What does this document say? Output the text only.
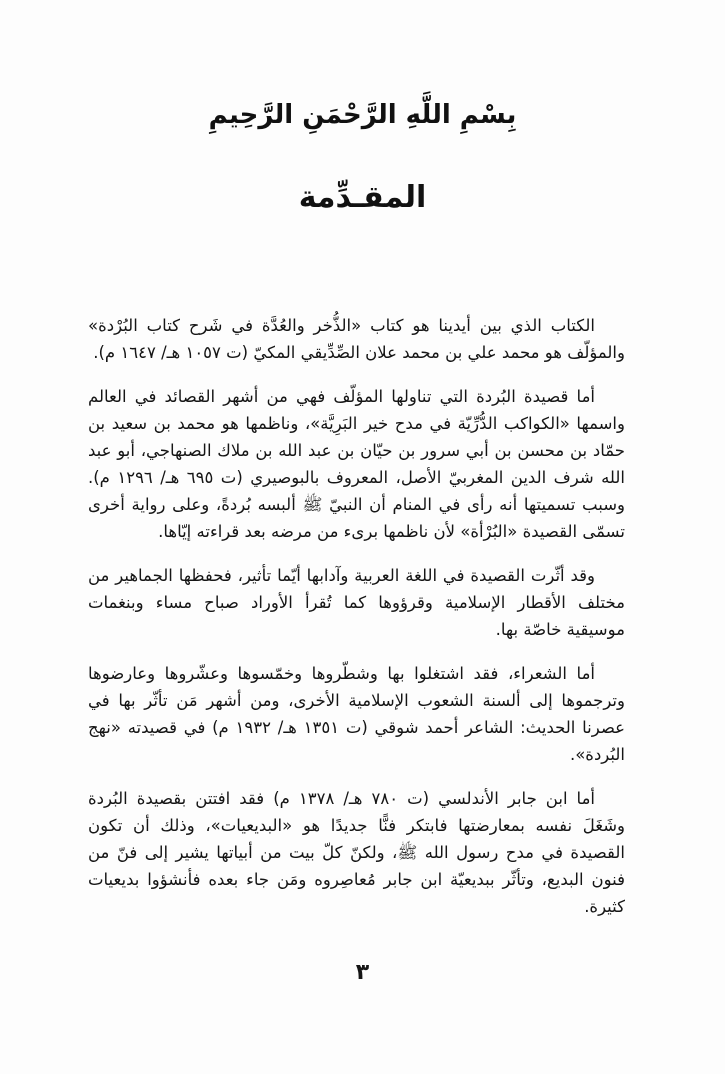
بِسْمِ اللَّهِ الرَّحْمَنِ الرَّحِيمِ
المقـدِّمة

الكتاب الذي بين أيدينا هو كتاب «الذُّخر والعُدَّة في شَرح كتاب البُرْدة» والمؤلّف هو محمد علي بن محمد علان الصِّدِّيقي المكيّ (ت ١٠٥٧ هـ/ ١٦٤٧ م).

أما قصيدة البُردة التي تناولها المؤلّف فهي من أشهر القصائد في العالم واسمها «الكواكب الدُّرِّيّة في مدح خير البَرِيَّة»، وناظمها هو محمد بن سعيد بن حمّاد بن محسن بن أبي سرور بن حيّان بن عبد الله بن ملاك الصنهاجي، أبو عبد الله شرف الدين المغربيّ الأصل، المعروف بالبوصيري (ت ٦٩٥ هـ/ ١٢٩٦ م). وسبب تسميتها أنه رأى في المنام أن النبيّ ﷺ ألبسه بُردةً، وعلى رواية أخرى تسمّى القصيدة «البُرْأة» لأن ناظمها برىء من مرضه بعد قراءته إيّاها.

وقد أثّرت القصيدة في اللغة العربية وآدابها أيّما تأثير، فحفظها الجماهير من مختلف الأقطار الإسلامية وقرؤوها كما تُقرأ الأوراد صباح مساء وبنغمات موسيقية خاصّة بها.

أما الشعراء، فقد اشتغلوا بها وشطّروها وخمّسوها وعشّروها وعارضوها وترجموها إلى ألسنة الشعوب الإسلامية الأخرى، ومن أشهر مَن تأثّر بها في عصرنا الحديث: الشاعر أحمد شوقي (ت ١٣٥١ هـ/ ١٩٣٢ م) في قصيدته «نهج البُردة».

أما ابن جابر الأندلسي (ت ٧٨٠ هـ/ ١٣٧٨ م) فقد افتتن بقصيدة البُردة وشَغَلَ نفسه بمعارضتها فابتكر فنًّا جديدًا هو «البديعيات»، وذلك أن تكون القصيدة في مدح رسول الله ﷺ، ولكنّ كلّ بيت من أبياتها يشير إلى فنّ من فنون البديع، وتأثّر ببديعيّة ابن جابر مُعاصِروه ومَن جاء بعده فأنشؤوا بديعيات كثيرة.

٣
